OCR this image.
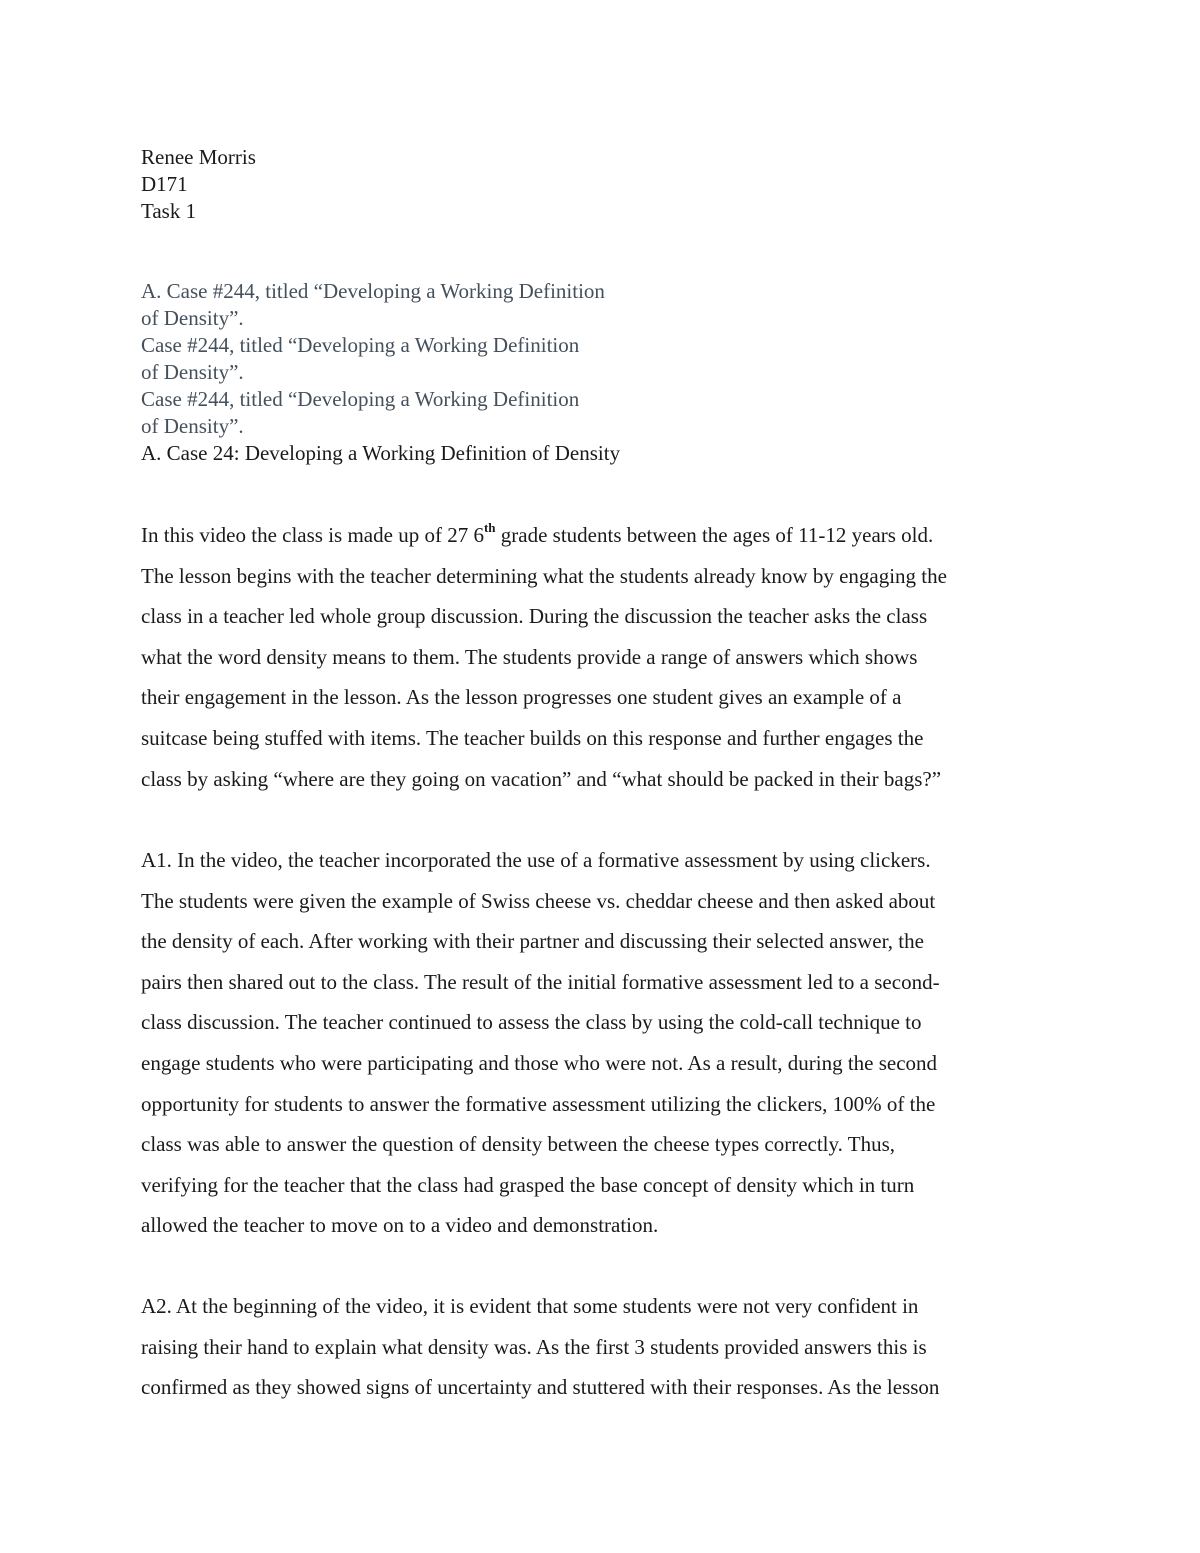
Renee Morris
D171
Task 1
A. Case #244, titled “Developing a Working Definition
of Density”.
Case #244, titled “Developing a Working Definition
of Density”.
Case #244, titled “Developing a Working Definition
of Density”.
A. Case 24: Developing a Working Definition of Density
In this video the class is made up of 27 6th grade students between the ages of 11-12 years old.
The lesson begins with the teacher determining what the students already know by engaging the
class in a teacher led whole group discussion. During the discussion the teacher asks the class
what the word density means to them. The students provide a range of answers which shows
their engagement in the lesson. As the lesson progresses one student gives an example of a
suitcase being stuffed with items. The teacher builds on this response and further engages the
class by asking “where are they going on vacation” and “what should be packed in their bags?”
A1. In the video, the teacher incorporated the use of a formative assessment by using clickers.
The students were given the example of Swiss cheese vs. cheddar cheese and then asked about
the density of each. After working with their partner and discussing their selected answer, the
pairs then shared out to the class. The result of the initial formative assessment led to a second-
class discussion. The teacher continued to assess the class by using the cold-call technique to
engage students who were participating and those who were not. As a result, during the second
opportunity for students to answer the formative assessment utilizing the clickers, 100% of the
class was able to answer the question of density between the cheese types correctly. Thus,
verifying for the teacher that the class had grasped the base concept of density which in turn
allowed the teacher to move on to a video and demonstration.
A2. At the beginning of the video, it is evident that some students were not very confident in
raising their hand to explain what density was. As the first 3 students provided answers this is
confirmed as they showed signs of uncertainty and stuttered with their responses. As the lesson
